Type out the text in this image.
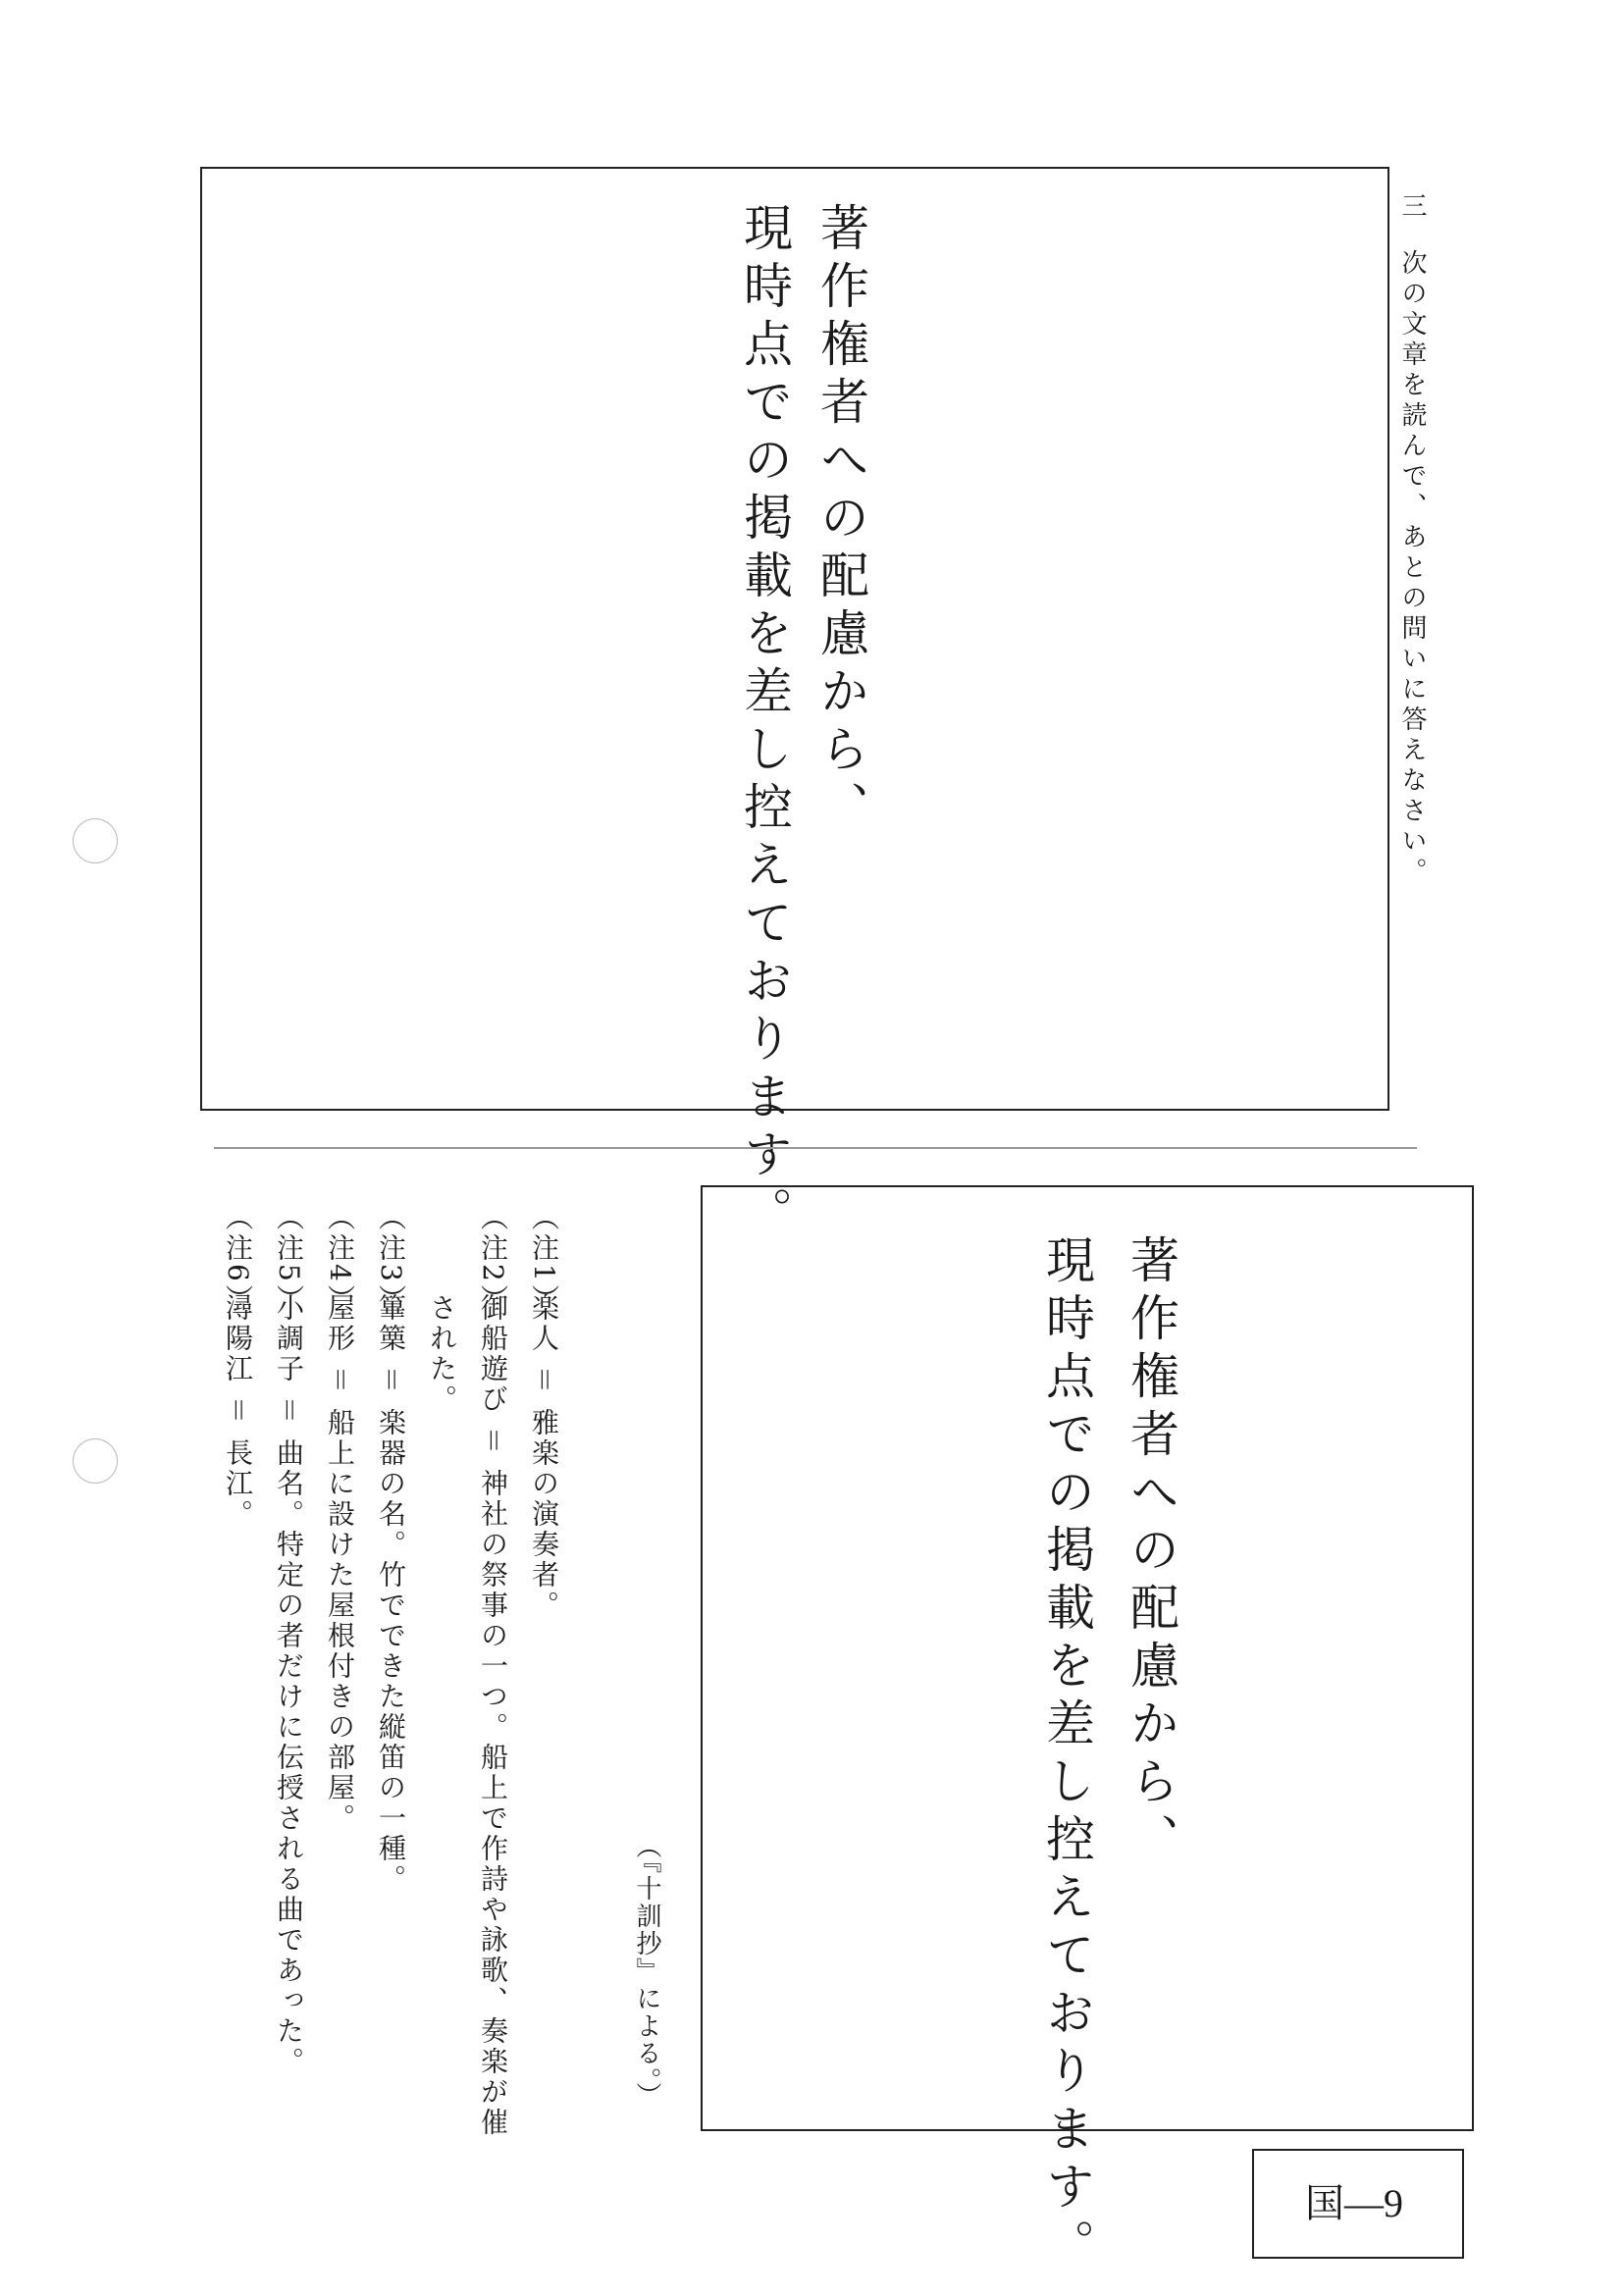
三
次の文章を読んで、あとの問いに答えなさい。
著作権者への配慮から、
現時点での掲載を差し控えております。
著作権者への配慮から、
現時点での掲載を差し控えております。
（『十訓抄』による。）
（注1）
楽人 ＝ 雅楽の演奏者。
（注2）
御船遊び ＝ 神社の祭事の一つ。船上で作詩や詠歌、奏楽が催
された。
（注3）
篳篥 ＝ 楽器の名。竹でできた縦笛の一種。
（注4）
屋形 ＝ 船上に設けた屋根付きの部屋。
（注5）
小調子 ＝ 曲名。特定の者だけに伝授される曲であった。
（注6）
潯陽江 ＝ 長江。
国—9
